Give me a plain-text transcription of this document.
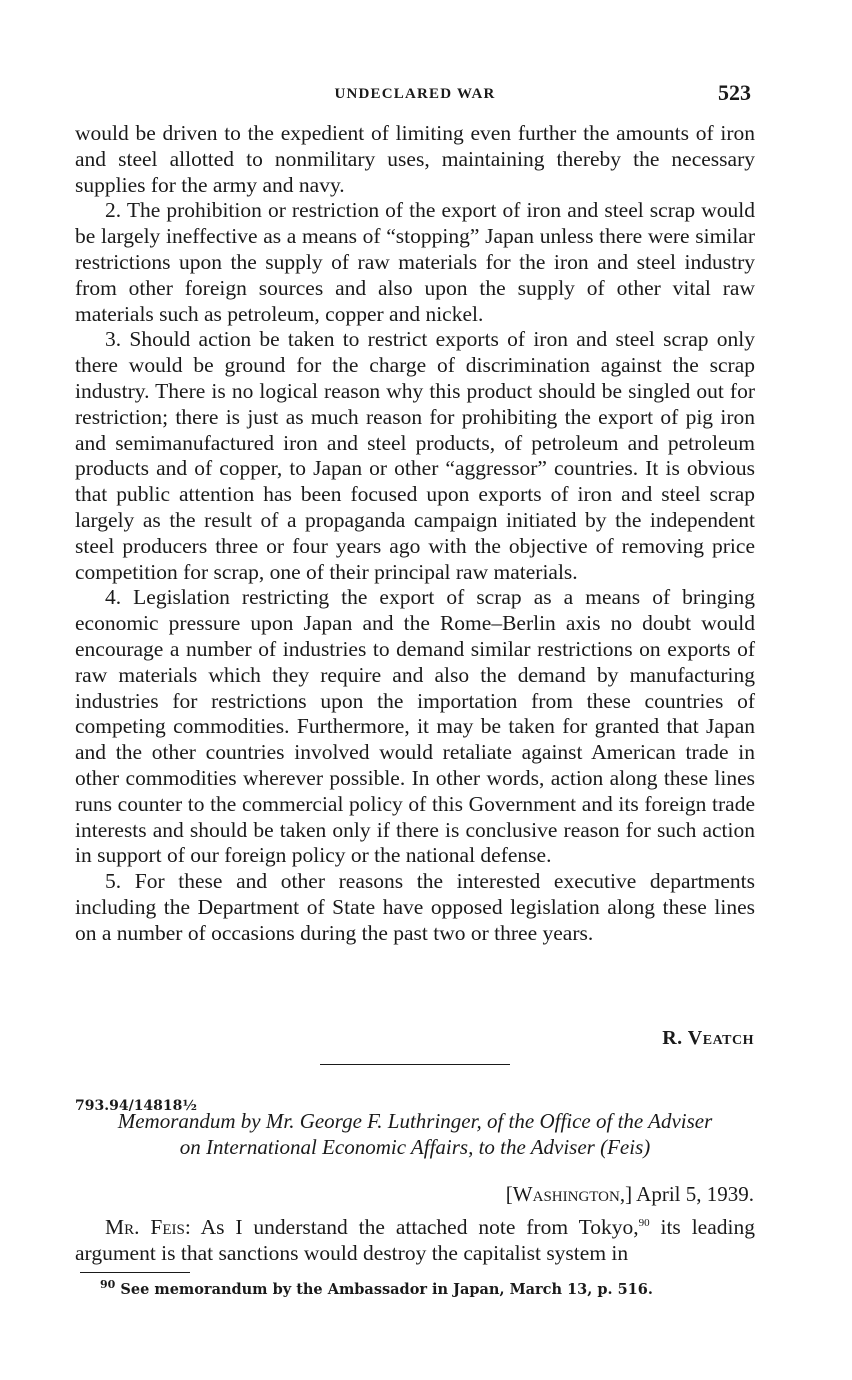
UNDECLARED WAR	523

would be driven to the expedient of limiting even further the amounts of iron and steel allotted to nonmilitary uses, maintaining thereby the necessary supplies for the army and navy.

2. The prohibition or restriction of the export of iron and steel scrap would be largely ineffective as a means of “stopping” Japan unless there were similar restrictions upon the supply of raw materials for the iron and steel industry from other foreign sources and also upon the supply of other vital raw materials such as petroleum, copper and nickel.

3. Should action be taken to restrict exports of iron and steel scrap only there would be ground for the charge of discrimination against the scrap industry. There is no logical reason why this product should be singled out for restriction; there is just as much reason for prohibiting the export of pig iron and semimanufactured iron and steel products, of petroleum and petroleum products and of copper, to Japan or other “aggressor” countries. It is obvious that public attention has been focused upon exports of iron and steel scrap largely as the result of a propaganda campaign initiated by the independent steel producers three or four years ago with the objective of removing price competition for scrap, one of their principal raw materials.

4. Legislation restricting the export of scrap as a means of bringing economic pressure upon Japan and the Rome–Berlin axis no doubt would encourage a number of industries to demand similar restrictions on exports of raw materials which they require and also the demand by manufacturing industries for restrictions upon the importation from these countries of competing commodities. Furthermore, it may be taken for granted that Japan and the other countries involved would retaliate against American trade in other commodities wherever possible. In other words, action along these lines runs counter to the commercial policy of this Government and its foreign trade interests and should be taken only if there is conclusive reason for such action in support of our foreign policy or the national defense.

5. For these and other reasons the interested executive departments including the Department of State have opposed legislation along these lines on a number of occasions during the past two or three years.

R. Veatch
793.94/14818½
Memorandum by Mr. George F. Luthringer, of the Office of the Adviser
on International Economic Affairs, to the Adviser (Feis)
[Washington,] April 5, 1939.
Mr. Feis: As I understand the attached note from Tokyo,$^{90}$ its leading argument is that sanctions would destroy the capitalist system in
$^{90}$ See memorandum by the Ambassador in Japan, March 13, p. 516.
